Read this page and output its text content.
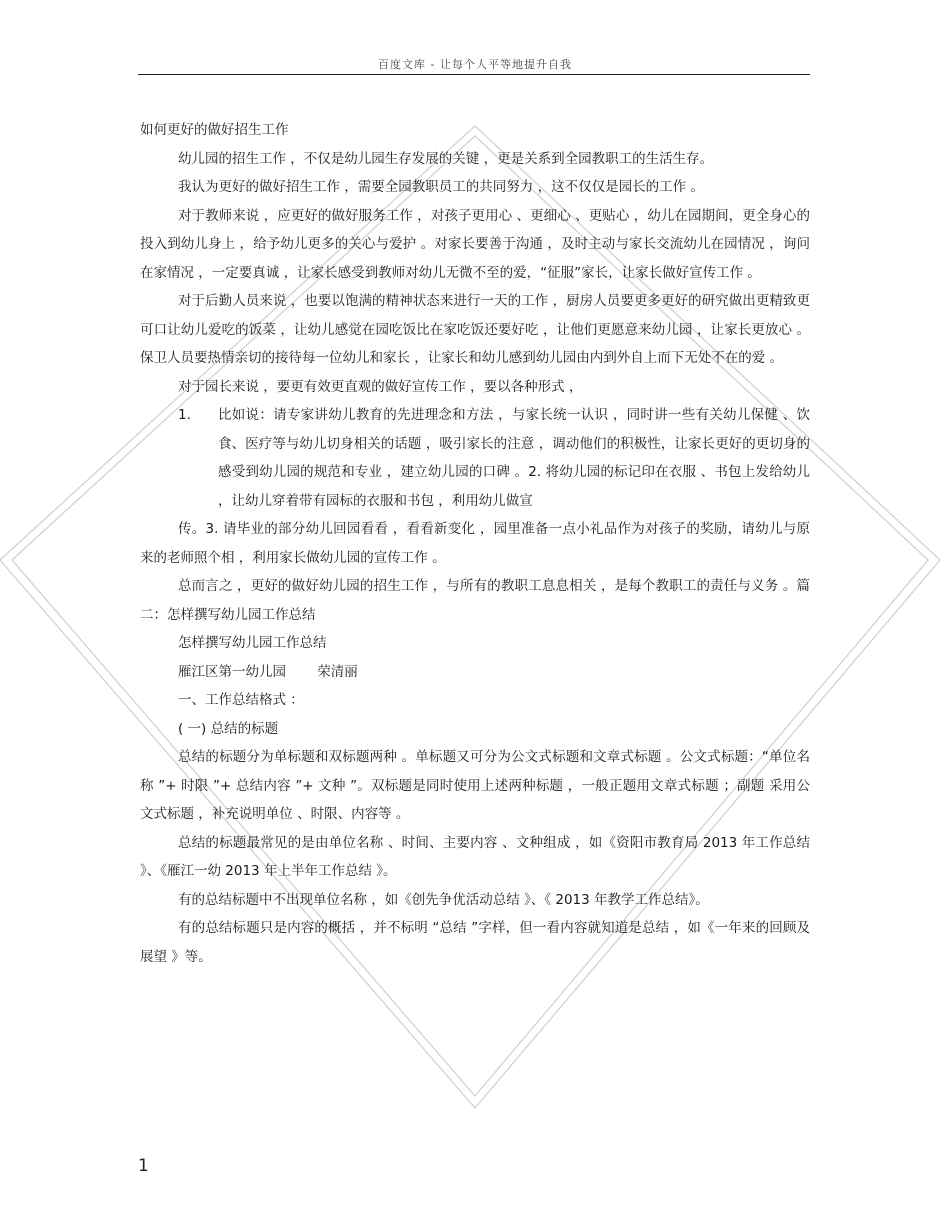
百度文库 - 让每个人平等地提升自我

如何更好的做好招生工作

幼儿园的招生工作 ，不仅是幼儿园生存发展的关键 ，更是关系到全园教职工的生活生存。

我认为更好的做好招生工作 ，需要全园教职员工的共同努力 ，这不仅仅是园长的工作 。

对于教师来说 ，应更好的做好服务工作 ，对孩子更用心 、更细心 、更贴心 ，幼儿在园期间，更全身心的投入到幼儿身上 ，给予幼儿更多的关心与爱护 。对家长要善于沟通 ，及时主动与家长交流幼儿在园情况 ，询问在家情况 ，一定要真诚 ，让家长感受到教师对幼儿无微不至的爱，“征服”家长，让家长做好宣传工作 。

对于后勤人员来说 ，也要以饱满的精神状态来进行一天的工作 ，厨房人员要更多更好的研究做出更精致更可口让幼儿爱吃的饭菜 ，让幼儿感觉在园吃饭比在家吃饭还要好吃 ，让他们更愿意来幼儿园 ，让家长更放心 。保卫人员要热情亲切的接待每一位幼儿和家长 ，让家长和幼儿感到幼儿园由内到外自上而下无处不在的爱 。

对于园长来说 ，要更有效更直观的做好宣传工作 ，要以各种形式 ，

1.	比如说：请专家讲幼儿教育的先进理念和方法 ，与家长统一认识 ，同时讲一些有关幼儿保健 、饮食、医疗等与幼儿切身相关的话题 ，吸引家长的注意 ，调动他们的积极性，让家长更好的更切身的感受到幼儿园的规范和专业 ，建立幼儿园的口碑 。2. 将幼儿园的标记印在衣服 、书包上发给幼儿 ，让幼儿穿着带有园标的衣服和书包 ，利用幼儿做宣

传。3. 请毕业的部分幼儿回园看看 ，看看新变化 ，园里准备一点小礼品作为对孩子的奖励，请幼儿与原来的老师照个相 ，利用家长做幼儿园的宣传工作 。

总而言之 ，更好的做好幼儿园的招生工作 ，与所有的教职工息息相关 ，是每个教职工的责任与义务 。篇二：怎样撰写幼儿园工作总结

怎样撰写幼儿园工作总结

雁江区第一幼儿园 　　荣清丽

一、工作总结格式 ：

( 一) 总结的标题

总结的标题分为单标题和双标题两种 。单标题又可分为公文式标题和文章式标题 。公文式标题：“单位名称 ”+ 时限 ”+ 总结内容 ”+ 文种 ”。双标题是同时使用上述两种标题 ，一般正题用文章式标题 ；副题 采用公文式标题 ，补充说明单位 、时限、内容等 。

总结的标题最常见的是由单位名称 、时间、主要内容 、文种组成 ，如《资阳市教育局 2013 年工作总结 》、《雁江一幼 2013 年上半年工作总结 》。

有的总结标题中不出现单位名称 ，如《创先争优活动总结 》、《 2013 年教学工作总结》。

有的总结标题只是内容的概括 ，并不标明 “总结 ”字样，但一看内容就知道是总结 ，如《一年来的回顾及展望 》等。

1
